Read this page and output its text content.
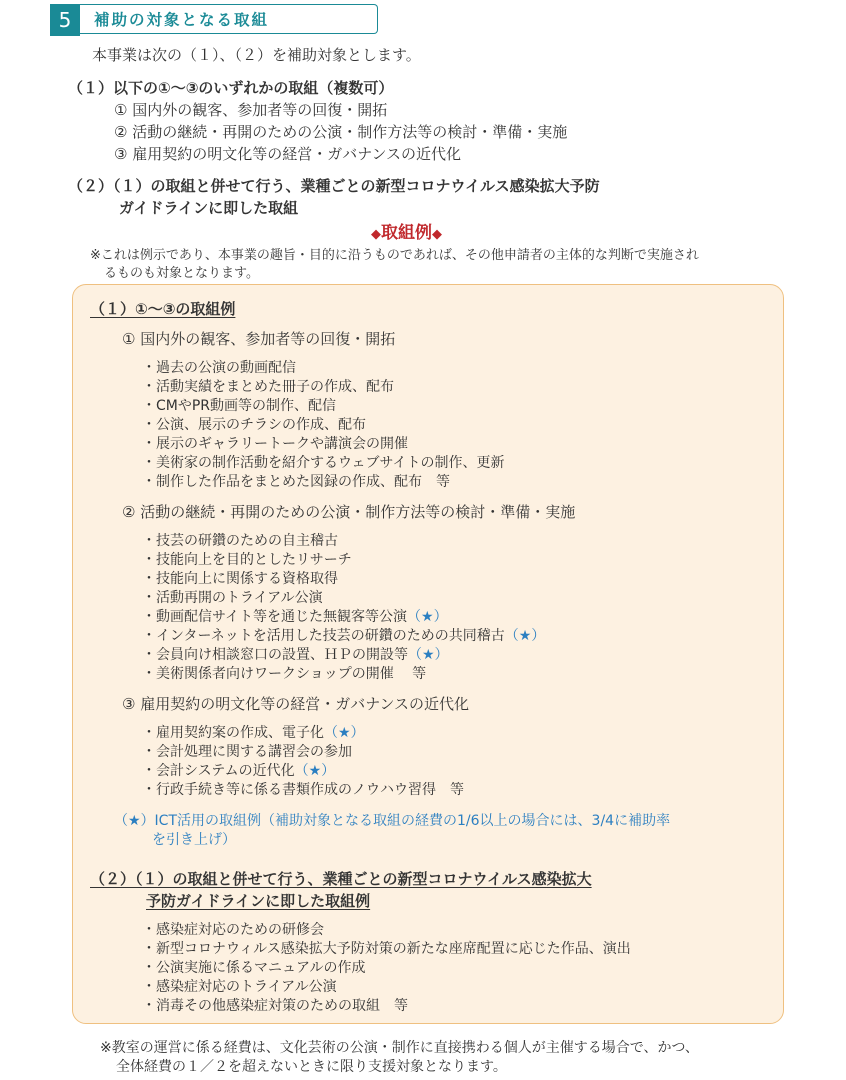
5	補助の対象となる取組
本事業は次の（１）、（２）を補助対象とします。
（１）以下の①～③のいずれかの取組（複数可）
① 国内外の観客、参加者等の回復・開拓
② 活動の継続・再開のための公演・制作方法等の検討・準備・実施
③ 雇用契約の明文化等の経営・ガバナンスの近代化
（２）（１）の取組と併せて行う、業種ごとの新型コロナウイルス感染拡大予防
ガイドラインに即した取組
◆取組例◆
※これは例示であり、本事業の趣旨・目的に沿うものであれば、その他申請者の主体的な判断で実施され
るものも対象となります。
（１）①～③の取組例
① 国内外の観客、参加者等の回復・開拓
・過去の公演の動画配信
・活動実績をまとめた冊子の作成、配布
・CMやPR動画等の制作、配信
・公演、展示のチラシの作成、配布
・展示のギャラリートークや講演会の開催
・美術家の制作活動を紹介するウェブサイトの制作、更新
・制作した作品をまとめた図録の作成、配布　等
② 活動の継続・再開のための公演・制作方法等の検討・準備・実施
・技芸の研鑽のための自主稽古
・技能向上を目的としたリサーチ
・技能向上に関係する資格取得
・活動再開のトライアル公演
・動画配信サイト等を通じた無観客等公演（★）
・インターネットを活用した技芸の研鑽のための共同稽古（★）
・会員向け相談窓口の設置、ＨＰの開設等（★）
・美術関係者向けワークショップの開催　 等
③ 雇用契約の明文化等の経営・ガバナンスの近代化
・雇用契約案の作成、電子化（★）
・会計処理に関する講習会の参加
・会計システムの近代化（★）
・行政手続き等に係る書類作成のノウハウ習得　等
（★）ICT活用の取組例（補助対象となる取組の経費の1/6以上の場合には、3/4に補助率
を引き上げ）
（２）（１）の取組と併せて行う、業種ごとの新型コロナウイルス感染拡大
予防ガイドラインに即した取組例
・感染症対応のための研修会
・新型コロナウィルス感染拡大予防対策の新たな座席配置に応じた作品、演出
・公演実施に係るマニュアルの作成
・感染症対応のトライアル公演
・消毒その他感染症対策のための取組　等
※教室の運営に係る経費は、文化芸術の公演・制作に直接携わる個人が主催する場合で、かつ、
全体経費の１／２を超えないときに限り支援対象となります。
